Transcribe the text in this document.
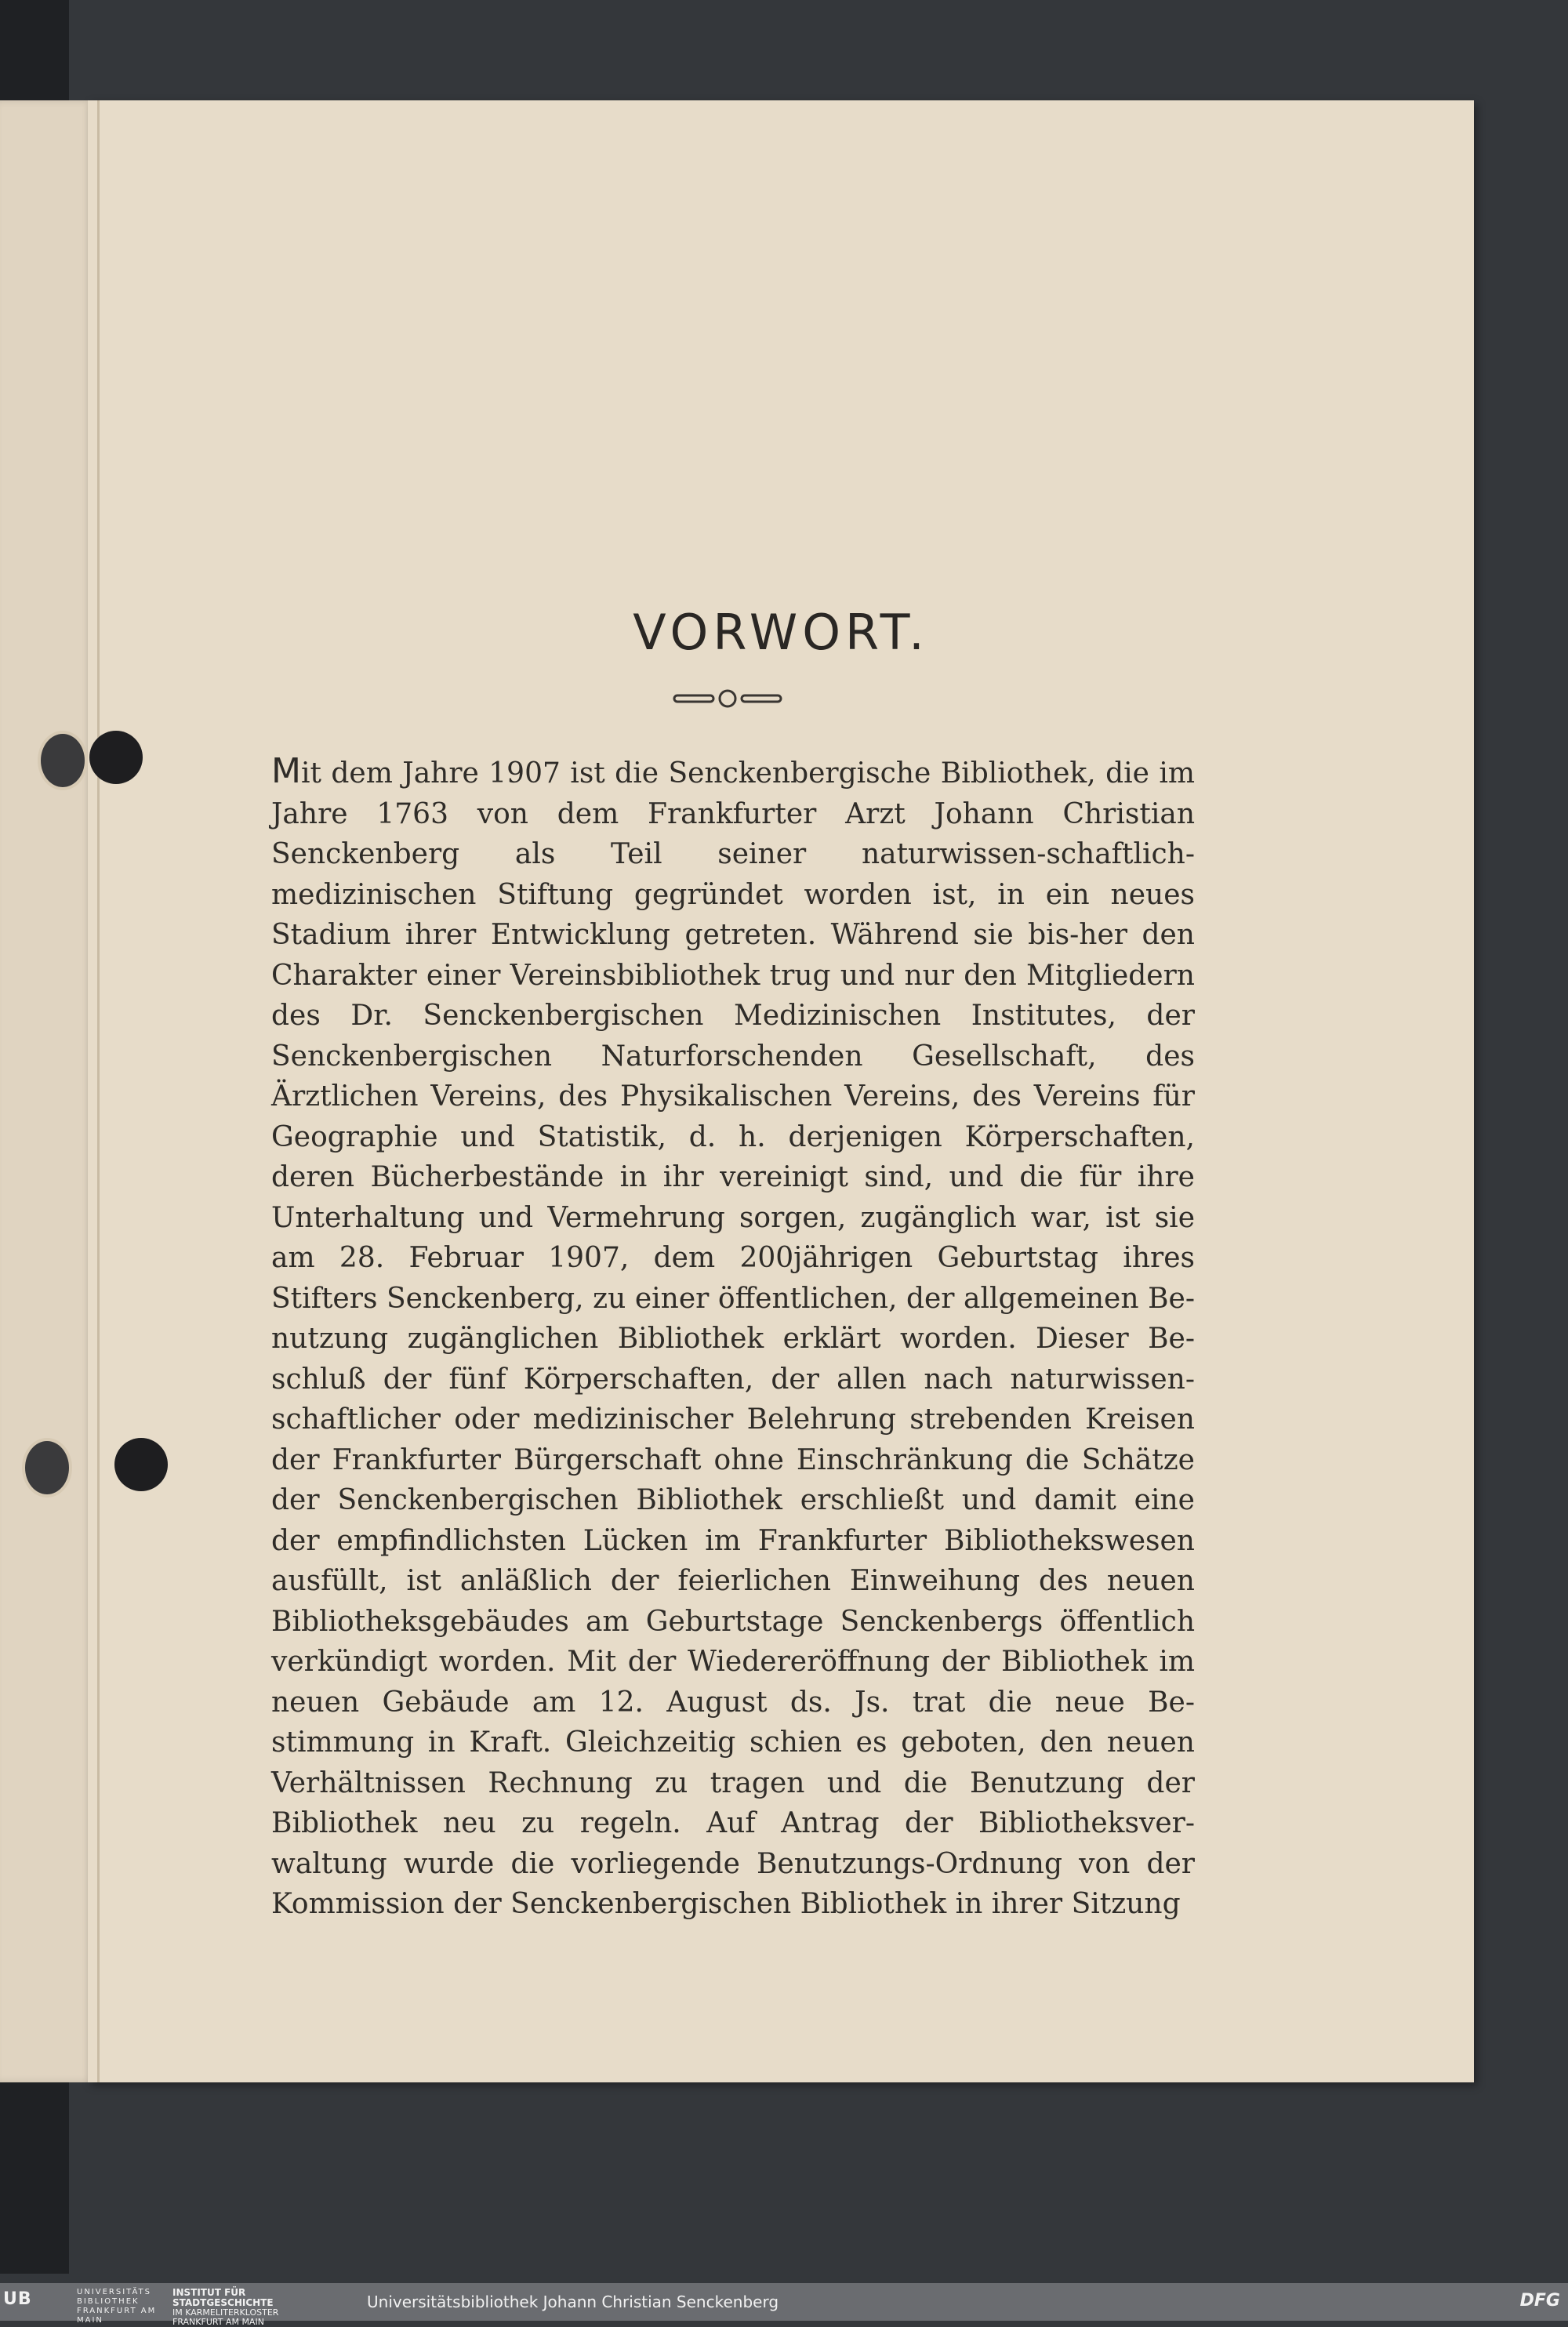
VORWORT.

Mit dem Jahre 1907 ist die Senckenbergische Bibliothek, die im Jahre 1763 von dem Frankfurter Arzt Johann Christian Senckenberg als Teil seiner naturwissen-schaftlich-medizinischen Stiftung gegründet worden ist, in ein neues Stadium ihrer Entwicklung getreten. Während sie bis-her den Charakter einer Vereinsbibliothek trug und nur den Mitgliedern des Dr. Senckenbergischen Medizinischen Institutes, der Senckenbergischen Naturforschenden Gesellschaft, des Ärztlichen Vereins, des Physikalischen Vereins, des Vereins für Geographie und Statistik, d. h. derjenigen Körperschaften, deren Bücherbestände in ihr vereinigt sind, und die für ihre Unterhaltung und Vermehrung sorgen, zugänglich war, ist sie am 28. Februar 1907, dem 200jährigen Geburtstag ihres Stifters Senckenberg, zu einer öffentlichen, der allgemeinen Be-nutzung zugänglichen Bibliothek erklärt worden. Dieser Be-schluß der fünf Körperschaften, der allen nach naturwissen-schaftlicher oder medizinischer Belehrung strebenden Kreisen der Frankfurter Bürgerschaft ohne Einschränkung die Schätze der Senckenbergischen Bibliothek erschließt und damit eine der empfindlichsten Lücken im Frankfurter Bibliothekswesen ausfüllt, ist anläßlich der feierlichen Einweihung des neuen Bibliotheksgebäudes am Geburtstage Senckenbergs öffentlich verkündigt worden. Mit der Wiedereröffnung der Bibliothek im neuen Gebäude am 12. August ds. Js. trat die neue Be-stimmung in Kraft. Gleichzeitig schien es geboten, den neuen Verhältnissen Rechnung zu tragen und die Benutzung der Bibliothek neu zu regeln. Auf Antrag der Bibliotheksver-waltung wurde die vorliegende Benutzungs-Ordnung von der Kommission der Senckenbergischen Bibliothek in ihrer Sitzung

UB	UNIVERSITÄTS BIBLIOTHEK FRANKFURT AM MAIN
INSTITUT FÜR STADTGESCHICHTE
IM KARMELITERKLOSTER FRANKFURT AM MAIN
Universitätsbibliothek Johann Christian Senckenberg	DFG
